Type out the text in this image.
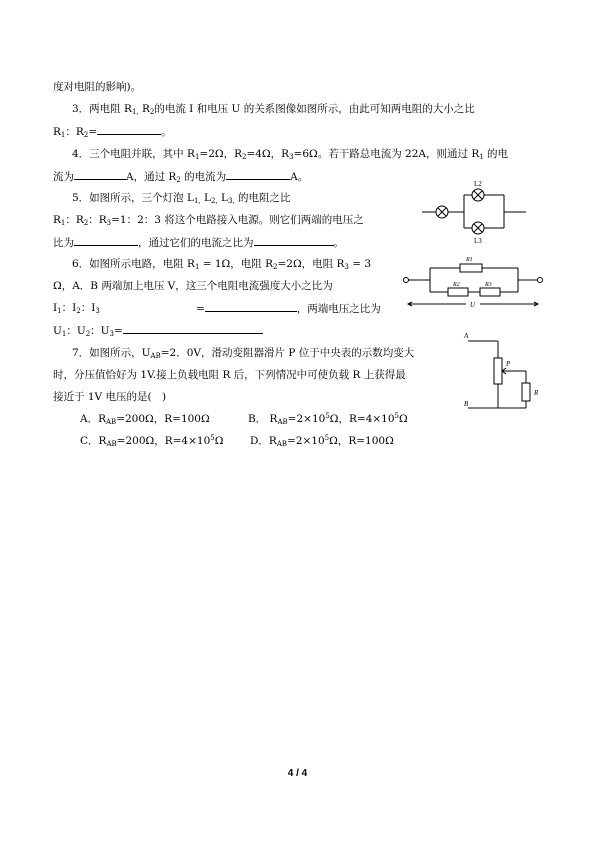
度对电阻的影响)。
3．两电阻 $R_{1,}$ $R_2$的电流 I 和电压 U 的关系图像如图所示，由此可知两电阻的大小之比
$R_1$：$R_2=$	。
4．三个电阻并联，其中 $R_1=2\Omega$，$R_2=4\Omega$，$R_3=6\Omega$。若干路总电流为 22A，则通过 $R_1$ 的电
流为	A，通过 $R_2$ 的电流为	A。
5．如图所示，三个灯泡 $L_{1,}$ $L_{2,}$ $L_{3,}$ 的电阻之比
$R_1$：$R_2$：$R_3=1$：2：3 将这个电路接入电源。则它们两端的电压之
比为	，通过它们的电流之比为	。
6．如图所示电路，电阻 $R_1 = 1\Omega$，电阻 $R_2=2\Omega$，电阻 $R_3 = 3$
Ω，A．B 两端加上电压 V，这三个电阻电流强度大小之比为
$I_1$：$I_2$：$I_3$	=	，两端电压之比为
$U_1$：$U_2$：$U_3=$
7．如图所示，$U_{AB}=2$．0V，滑动变阻器滑片 P 位于中央表的示数均变大
时，分压值恰好为 1V.接上负载电阻 R 后，下列情况中可使负载 R 上获得最
接近于 1V 电压的是(　)
A．$R_{AB}=200\Omega$，R=100Ω	B． $R_{AB}=2\times 10^5\Omega$，$R=4\times 10^5\Omega$
C．$R_{AB}=200\Omega$，$R=4\times 10^5\Omega$	D．$R_{AB}=2\times 10^5\Omega$，R=100Ω
L2
L3
R1
R2	R3
U
A
B
P
R
4 / 4
